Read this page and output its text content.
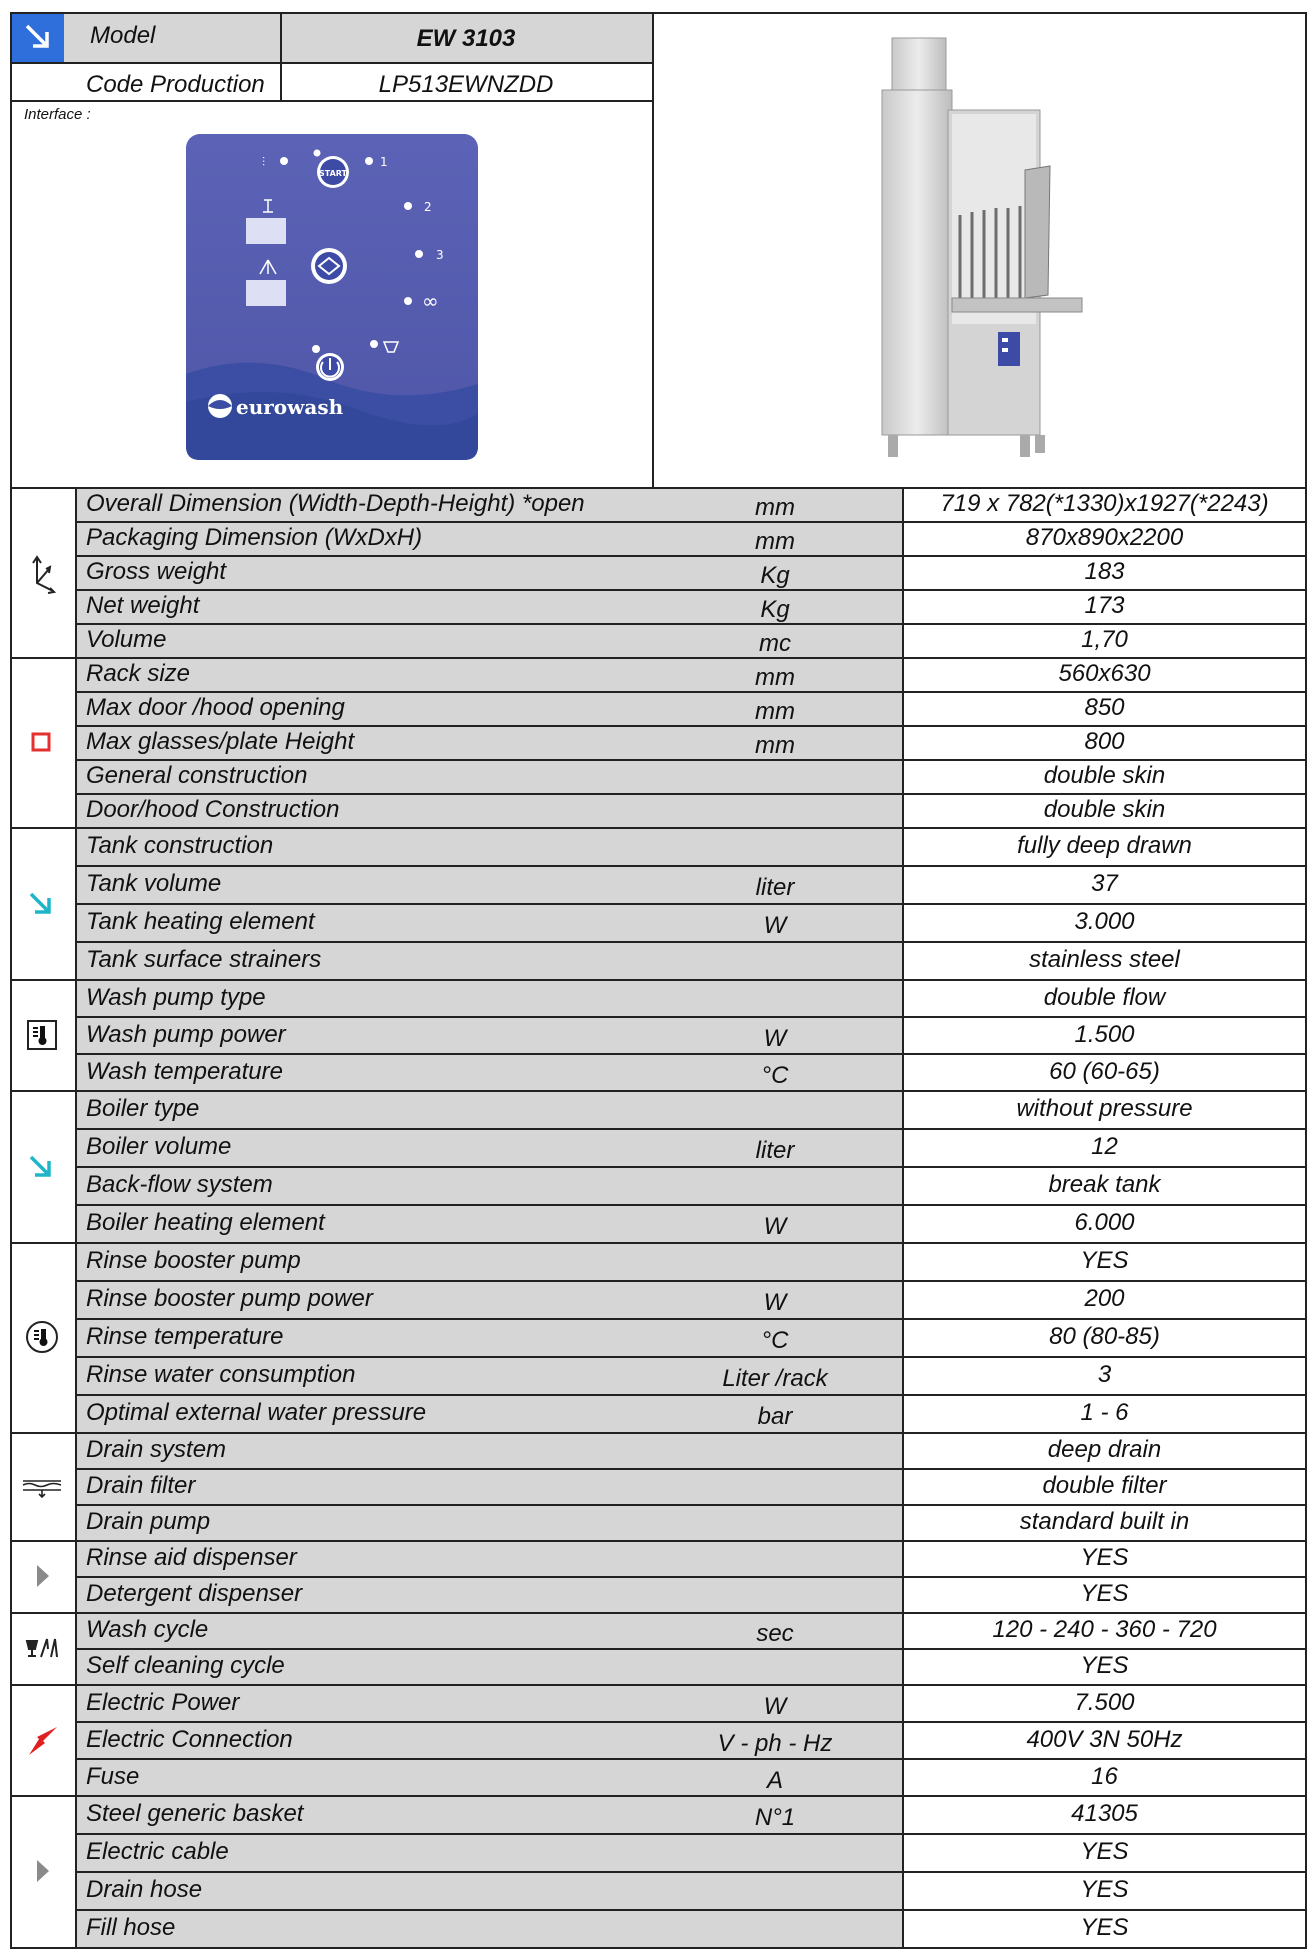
Model	EW 3103
Code Production	LP513EWNZDD
Interface :
⫶
START
1
2
3
∞
eurowash
Overall Dimension (Width-Depth-Height) *open	mm	719 x 782(*1330)x1927(*2243)
Packaging Dimension (WxDxH)	mm	870x890x2200
Gross weight	Kg	183
Net weight	Kg	173
Volume	mc	1,70
Rack size	mm	560x630
Max door /hood opening	mm	850
Max glasses/plate Height	mm	800
General construction	double skin
Door/hood Construction	double skin
Tank construction	fully deep drawn
Tank volume	liter	37
Tank heating element	W	3.000
Tank surface strainers	stainless steel
Wash pump type	double flow
Wash pump power	W	1.500
Wash temperature	°C	60 (60-65)
Boiler type	without pressure
Boiler volume	liter	12
Back-flow system	break tank
Boiler heating element	W	6.000
Rinse booster pump	YES
Rinse booster pump power	W	200
Rinse temperature	°C	80 (80-85)
Rinse water consumption	Liter /rack	3
Optimal external water pressure	bar	1 - 6
Drain system	deep drain
Drain filter	double filter
Drain pump	standard built in
Rinse aid dispenser	YES
Detergent dispenser	YES
Wash cycle	sec	120 - 240 - 360 - 720
Self cleaning cycle	YES
Electric Power	W	7.500
Electric Connection	V - ph - Hz	400V 3N 50Hz
Fuse	A	16
Steel generic basket	N°1	41305
Electric cable	YES
Drain hose	YES
Fill hose	YES
